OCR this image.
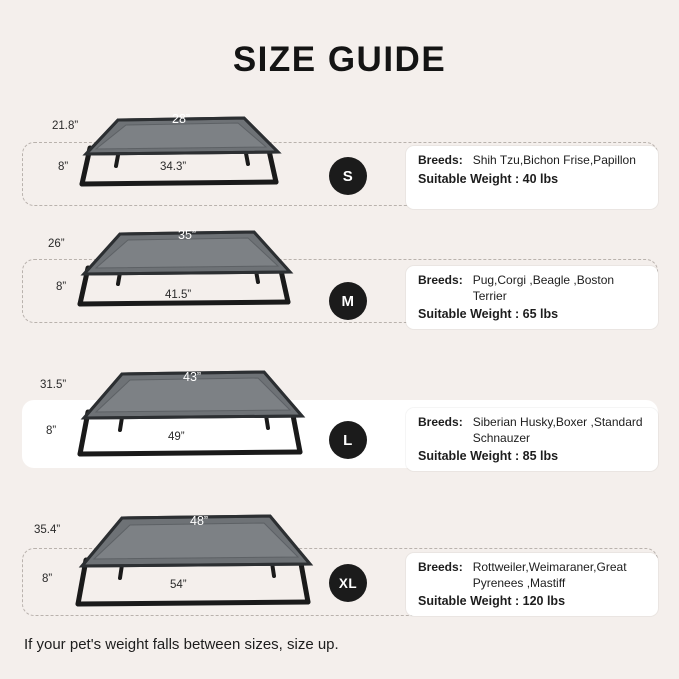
SIZE GUIDE
21.8”	28”
8”	34.3”
S
Breeds: Shih Tzu,Bichon Frise,Papillon
Suitable Weight : 40 lbs
26”
35”
8”
41.5”	M
Breeds: Pug,Corgi ,Beagle ,Boston Terrier
Suitable Weight : 65 lbs
31.5”
43”
8”	49”	L
Breeds: Siberian Husky,Boxer ,Standard Schnauzer
Suitable Weight : 85 lbs
35.4”
48”
8”	54”	XL
Breeds: Rottweiler,Weimaraner,Great Pyrenees ,Mastiff
Suitable Weight : 120 lbs
If your pet's weight falls between sizes, size up.
